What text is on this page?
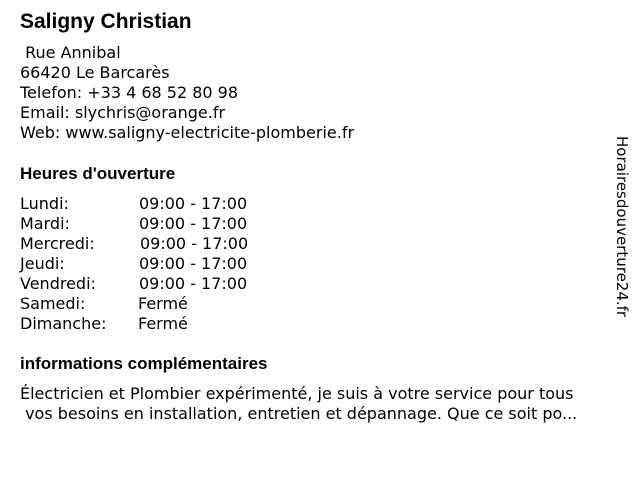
Saligny Christian
Rue Annibal
66420 Le Barcarès
Telefon: +33 4 68 52 80 98
Email: slychris@orange.fr
Web: www.saligny-electricite-plomberie.fr
Heures d'ouverture
Lundi:	09:00 - 17:00
Mardi:	09:00 - 17:00
Mercredi:	09:00 - 17:00
Jeudi:	09:00 - 17:00
Vendredi:	09:00 - 17:00
Samedi:	Fermé
Dimanche: Fermé
informations complémentaires
Électricien et Plombier expérimenté, je suis à votre service pour tous
vos besoins en installation, entretien et dépannage. Que ce soit po...
Horairesdouverture24.fr
